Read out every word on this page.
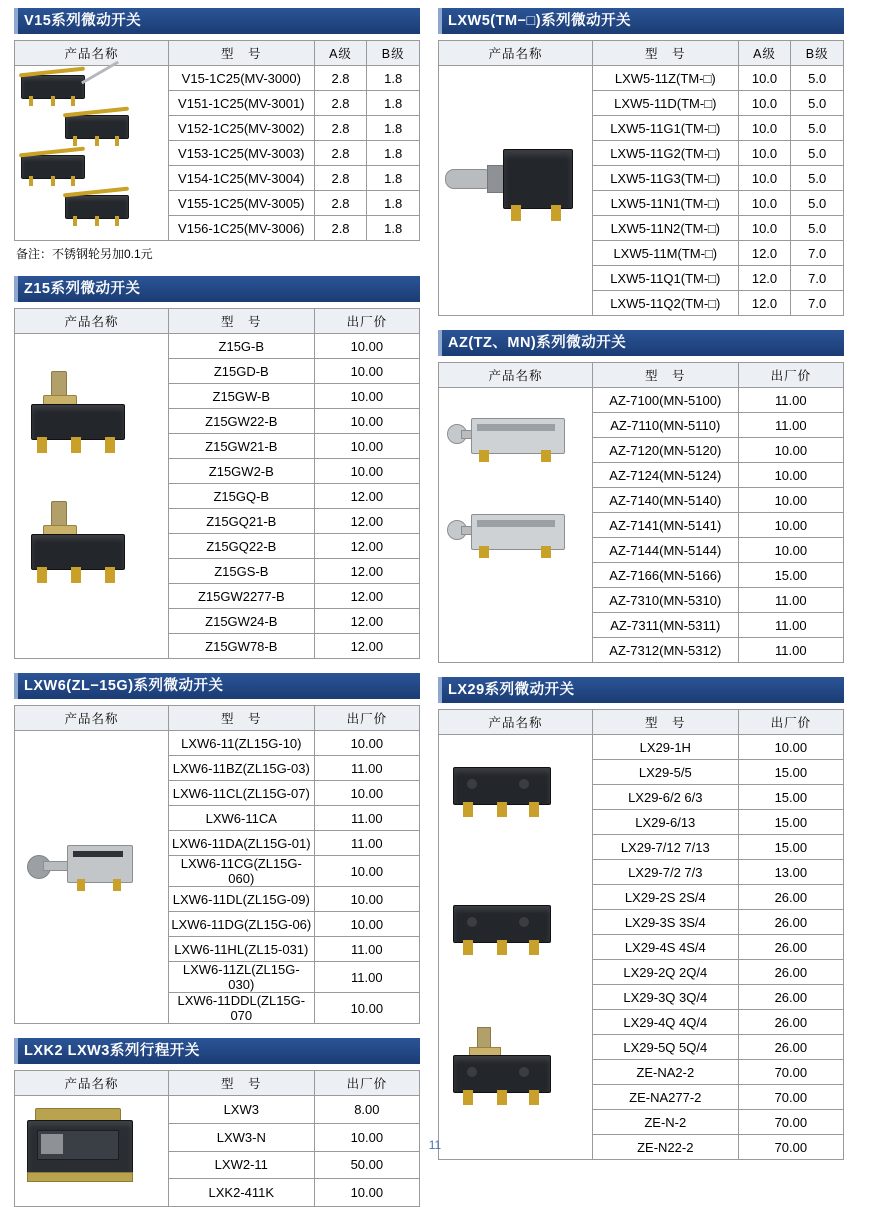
V15系列微动开关
产品名称	型　号	A级	B级

	V15-1C25(MV-3000)	2.8	1.8
	V151-1C25(MV-3001)	2.8	1.8
	V152-1C25(MV-3002)	2.8	1.8
	V153-1C25(MV-3003)	2.8	1.8
	V154-1C25(MV-3004)	2.8	1.8
	V155-1C25(MV-3005)	2.8	1.8
	V156-1C25(MV-3006)	2.8	1.8
备注：不锈钢轮另加0.1元
Z15系列微动开关
产品名称	型　号	出厂价

	Z15G-B	10.00
	Z15GD-B	10.00
	Z15GW-B	10.00
	Z15GW22-B	10.00
	Z15GW21-B	10.00
	Z15GW2-B	10.00
	Z15GQ-B	12.00
	Z15GQ21-B	12.00
	Z15GQ22-B	12.00
	Z15GS-B	12.00
	Z15GW2277-B	12.00
	Z15GW24-B	12.00
	Z15GW78-B	12.00
LXW6(ZL−15G)系列微动开关
产品名称	型　号	出厂价

	LXW6-11(ZL15G-10)	10.00
	LXW6-11BZ(ZL15G-03)	11.00
	LXW6-11CL(ZL15G-07)	10.00
	LXW6-11CA	11.00
	LXW6-11DA(ZL15G-01)	11.00
	LXW6-11CG(ZL15G-060)	10.00
	LXW6-11DL(ZL15G-09)	10.00
	LXW6-11DG(ZL15G-06)	10.00
	LXW6-11HL(ZL15-031)	11.00
	LXW6-11ZL(ZL15G-030)	11.00
	LXW6-11DDL(ZL15G-070	10.00
LXK2 LXW3系列行程开关
产品名称	型　号	出厂价

	LXW3	8.00
	LXW3-N	10.00
	LXW2-11	50.00
	LXK2-411K	10.00
LXW5(TM−□)系列微动开关
产品名称	型　号	A级	B级

	LXW5-11Z(TM-□)	10.0	5.0
	LXW5-11D(TM-□)	10.0	5.0
	LXW5-11G1(TM-□)	10.0	5.0
	LXW5-11G2(TM-□)	10.0	5.0
	LXW5-11G3(TM-□)	10.0	5.0
	LXW5-11N1(TM-□)	10.0	5.0
	LXW5-11N2(TM-□)	10.0	5.0
	LXW5-11M(TM-□)	12.0	7.0
	LXW5-11Q1(TM-□)	12.0	7.0
	LXW5-11Q2(TM-□)	12.0	7.0
AZ(TZ、MN)系列微动开关
产品名称	型　号	出厂价

	AZ-7100(MN-5100)	11.00
	AZ-7110(MN-5110)	11.00
	AZ-7120(MN-5120)	10.00
	AZ-7124(MN-5124)	10.00
	AZ-7140(MN-5140)	10.00
	AZ-7141(MN-5141)	10.00
	AZ-7144(MN-5144)	10.00
	AZ-7166(MN-5166)	15.00
	AZ-7310(MN-5310)	11.00
	AZ-7311(MN-5311)	11.00
	AZ-7312(MN-5312)	11.00
LX29系列微动开关
产品名称	型　号	出厂价

	LX29-1H	10.00
	LX29-5/5	15.00
	LX29-6/2 6/3	15.00
	LX29-6/13	15.00
	LX29-7/12 7/13	15.00
	LX29-7/2 7/3	13.00
	LX29-2S 2S/4	26.00
	LX29-3S 3S/4	26.00
	LX29-4S 4S/4	26.00
	LX29-2Q 2Q/4	26.00
	LX29-3Q 3Q/4	26.00
	LX29-4Q 4Q/4	26.00
	LX29-5Q 5Q/4	26.00
	ZE-NA2-2	70.00
	ZE-NA277-2	70.00
	ZE-N-2	70.00
	ZE-N22-2	70.00
11
